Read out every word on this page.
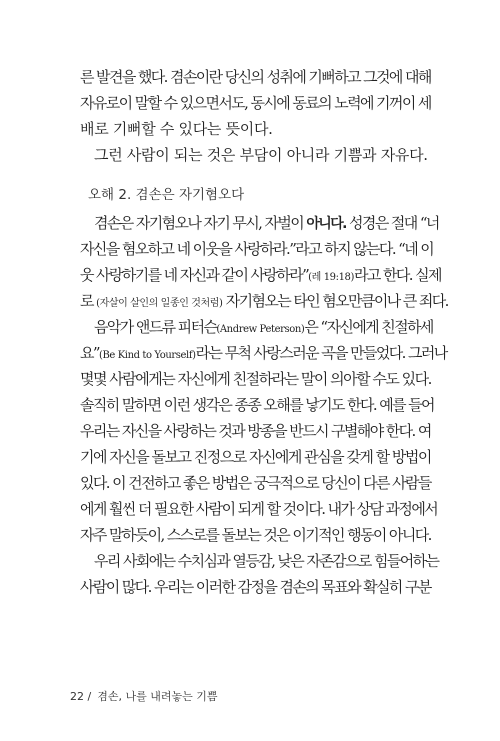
른 발견을 했다. 겸손이란 당신의 성취에 기뻐하고 그것에 대해
자유로이 말할 수 있으면서도, 동시에 동료의 노력에 기꺼이 세
배로 기뻐할 수 있다는 뜻이다.
그런 사람이 되는 것은 부담이 아니라 기쁨과 자유다.
오해 2. 겸손은 자기혐오다
겸손은 자기혐오나 자기 무시, 자벌이 아니다. 성경은 절대 “너
자신을 혐오하고 네 이웃을 사랑하라.”라고 하지 않는다. “네 이
웃 사랑하기를 네 자신과 같이 사랑하라”(레 19:18)라고 한다. 실제
로 (자살이 살인의 일종인 것처럼) 자기혐오는 타인 혐오만큼이나 큰 죄다.
음악가 앤드류 피터슨(Andrew Peterson)은 “자신에게 친절하세
요”(Be Kind to Yourself)라는 무척 사랑스러운 곡을 만들었다. 그러나
몇몇 사람에게는 자신에게 친절하라는 말이 의아할 수도 있다.
솔직히 말하면 이런 생각은 종종 오해를 낳기도 한다. 예를 들어
우리는 자신을 사랑하는 것과 방종을 반드시 구별해야 한다. 여
기에 자신을 돌보고 진정으로 자신에게 관심을 갖게 할 방법이
있다. 이 건전하고 좋은 방법은 궁극적으로 당신이 다른 사람들
에게 훨씬 더 필요한 사람이 되게 할 것이다. 내가 상담 과정에서
자주 말하듯이, 스스로를 돌보는 것은 이기적인 행동이 아니다.
우리 사회에는 수치심과 열등감, 낮은 자존감으로 힘들어하는
사람이 많다. 우리는 이러한 감정을 겸손의 목표와 확실히 구분
22 / 겸손, 나를 내려놓는 기쁨
